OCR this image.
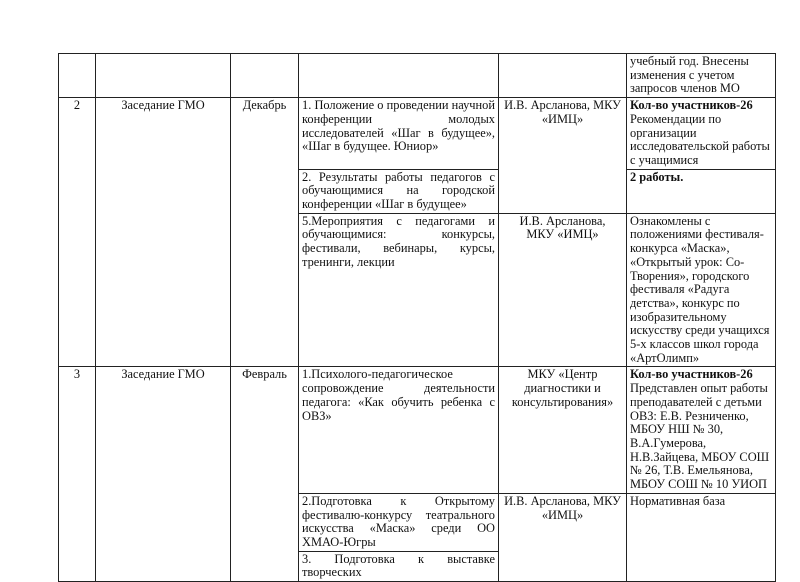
					учебный год. Внесены
изменения с учетом
запросов членов МО

2	Заседание ГМО	Декабрь	1. Положение о проведении научной конференции молодых исследователей «Шаг в будущее», «Шаг в будущее. Юниор»	И.В. Арсланова, МКУ «ИМЦ»	Кол-во участников-26
Рекомендации по организации исследовательской работы с учащимися
			2. Результаты работы педагогов с обучающимися на городской конференции «Шаг в будущее»		2 работы.
			5.Мероприятия с педагогами и обучающимися: конкурсы, фестивали, вебинары, курсы, тренинги, лекции	И.В. Арсланова, МКУ «ИМЦ»	Ознакомлены с положениями фестиваля-конкурса «Маска», «Открытый урок: Со-Творения», городского фестиваля «Радуга детства», конкурс по изобразительному искусству среди учащихся 5-х классов школ города «АртОлимп»
3	Заседание ГМО	Февраль	1.Психолого-педагогическое сопровождение деятельности педагога: «Как обучить ребенка с ОВЗ»	МКУ «Центр диагностики и консультирования»	Кол-во участников-26
Представлен опыт работы преподавателей с детьми ОВЗ: Е.В. Резниченко, МБОУ НШ № 30, В.А.Гумерова, Н.В.Зайцева, МБОУ СОШ № 26, Т.В. Емельянова, МБОУ СОШ № 10 УИОП
			2.Подготовка к Открытому фестивалю-конкурсу театрального искусства «Маска» среди ОО ХМАО-Югры	И.В. Арсланова, МКУ «ИМЦ»	Нормативная база
			3. Подготовка к выставке творческих		
